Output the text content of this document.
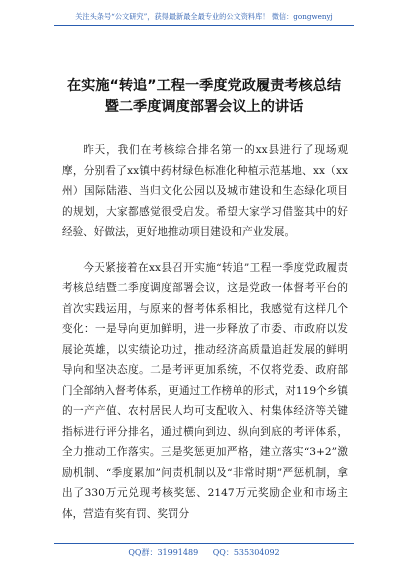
关注头条号“公文研究”，获得最新最全最专业的公文资料库！ 微信：gongwenyj
在实施“转追”工程一季度党政履责考核总结
暨二季度调度部署会议上的讲话

昨天，我们在考核综合排名第一的xx县进行了现场观摩，分别看了xx镇中药材绿色标准化种植示范基地、xx（xx州）国际陆港、当归文化公园以及城市建设和生态绿化项目的规划，大家都感觉很受启发。希望大家学习借鉴其中的好经验、好做法，更好地推动项目建设和产业发展。

今天紧接着在xx县召开实施“转追”工程一季度党政履责考核总结暨二季度调度部署会议，这是党政一体督考平台的首次实践运用，与原来的督考体系相比，我感觉有这样几个变化：一是导向更加鲜明，进一步释放了市委、市政府以发展论英雄，以实绩论功过，推动经济高质量追赶发展的鲜明导向和坚决态度。二是考评更加系统，不仅将党委、政府部门全部纳入督考体系，更通过工作榜单的形式，对119个乡镇的一产产值、农村居民人均可支配收入、村集体经济等关键指标进行评分排名，通过横向到边、纵向到底的考评体系，全力推动工作落实。三是奖惩更加严格，建立落实“3+2”激励机制、“季度累加”问责机制以及“非常时期”严惩机制，拿出了330万元兑现考核奖惩、2147万元奖励企业和市场主体，营造有奖有罚、奖罚分

QQ群：31991489 QQ：535304092
